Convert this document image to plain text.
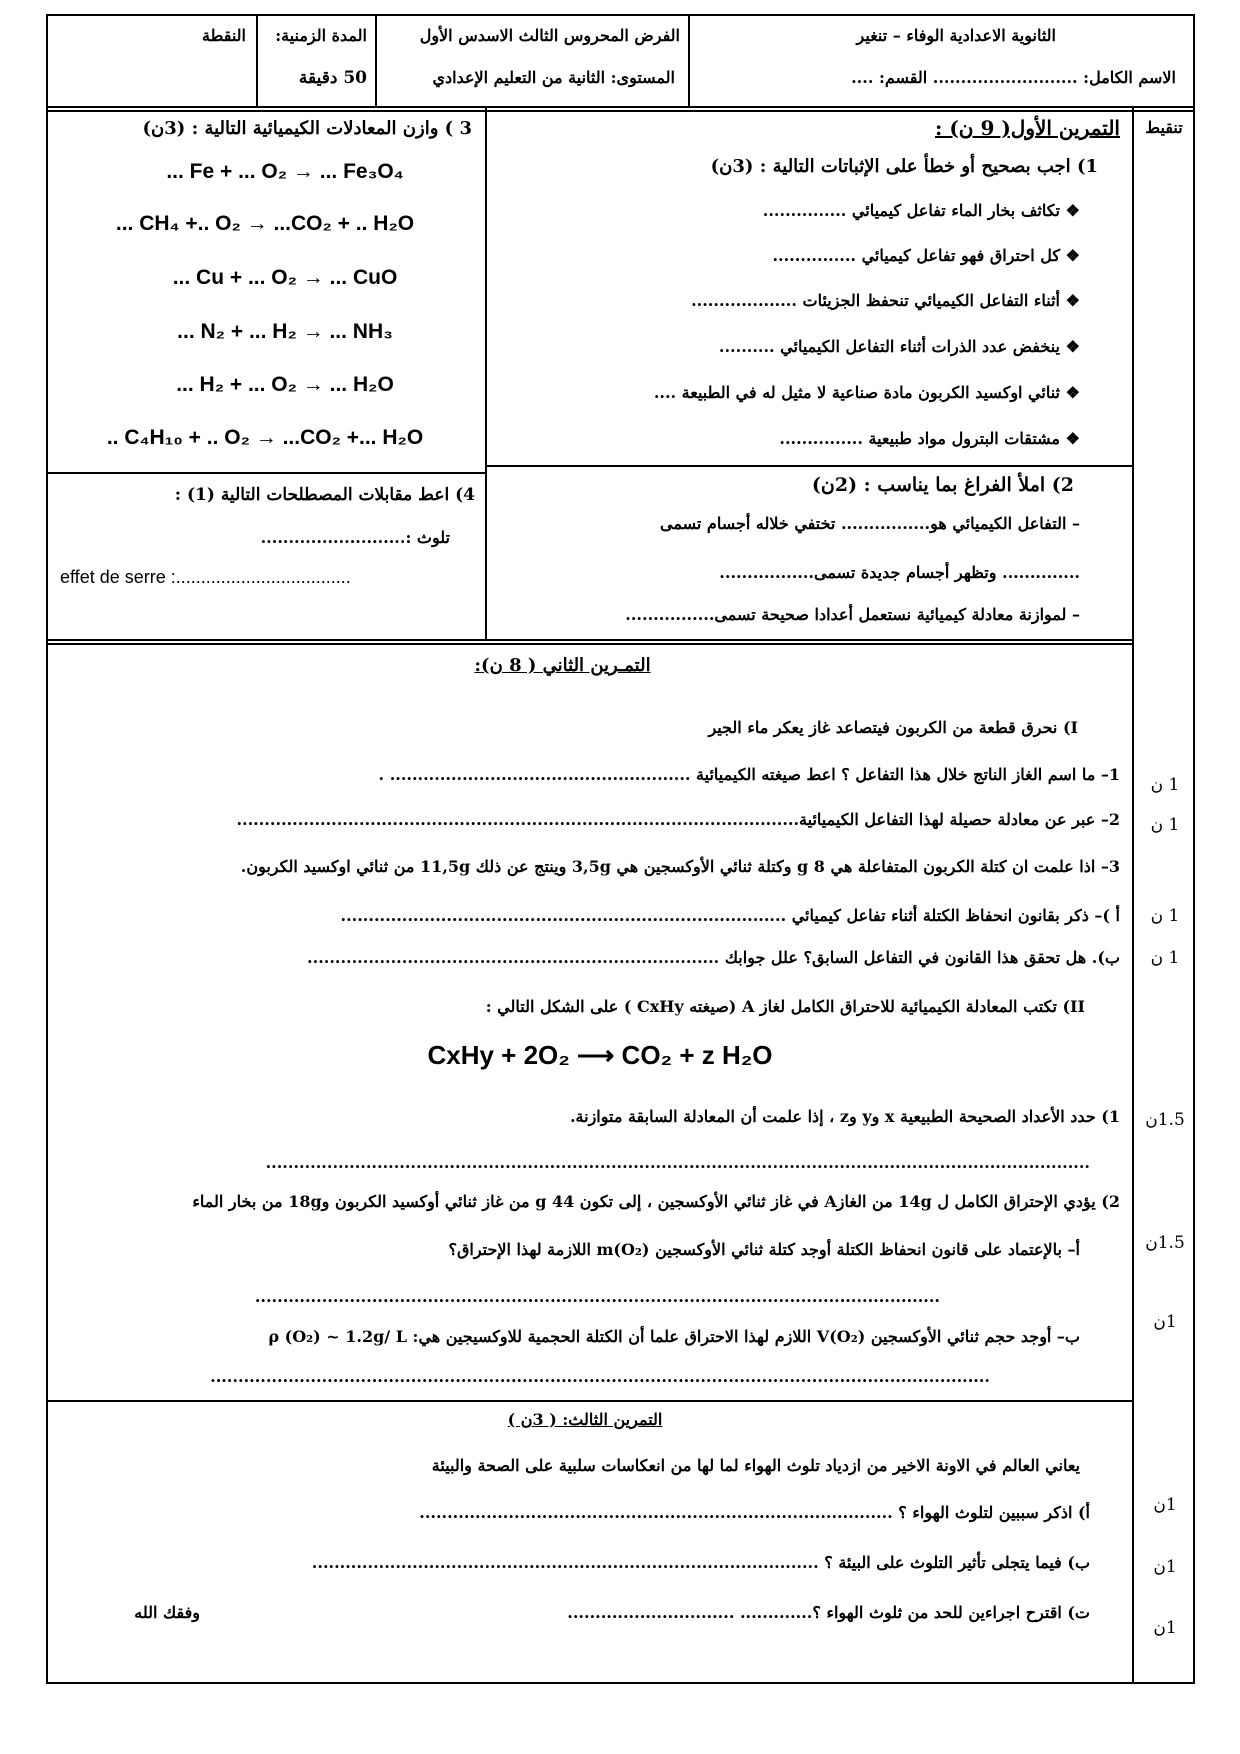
الثانوية الاعدادية الوفاء – تنغير
الاسم الكامل: .......................... القسم: ....
الفرض المحروس الثالث الاسدس الأول
المستوى: الثانية من التعليم الإعدادي
المدة الزمنية:
50 دقيقة
النقطة
تنقيط
التمرين الأول( 9 ن) :
1) اجب بصحيح أو خطأ على الإثباتات التالية : (3ن)
❖تكاثف بخار الماء تفاعل كيميائي ...............
❖كل احتراق فهو تفاعل كيميائي ...............
❖أثناء التفاعل الكيميائي تنحفظ الجزيئات ...................
❖ينخفض عدد الذرات أثناء التفاعل الكيميائي ..........
❖ثنائي اوكسيد الكربون مادة صناعية لا مثيل له في الطبيعة ....
❖مشتقات البترول مواد طبيعية ...............
2) املأ الفراغ بما يناسب : (2ن)
– التفاعل الكيميائي هو................ تختفي خلاله أجسام تسمى
.............. وتظهر أجسام جديدة تسمى.................
– لموازنة معادلة كيميائية نستعمل أعدادا صحيحة تسمى................
3 ) وازن المعادلات الكيميائية التالية : (3ن)
... Fe + ... O₂ → ... Fe₃O₄
... CH₄ +.. O₂ → ...CO₂ + .. H₂O
... Cu + ... O₂ → ... CuO
... N₂ + ... H₂ → ... NH₃
... H₂ + ... O₂ → ... H₂O
.. C₄H₁₀ + .. O₂ → ...CO₂ +... H₂O
4) اعط مقابلات المصطلحات التالية (1) :
تلوث :..........................
effet de serre :...................................
التمـرين الثاني ( 8 ن):
I) نحرق قطعة من الكربون فيتصاعد غاز يعكر ماء الجير
1– ما اسم الغاز الناتج خلال هذا التفاعل ؟ اعط صيغته الكيميائية ...................................................... .
2– عبر عن معادلة حصيلة لهذا التفاعل الكيميائية.....................................................................................................
3– اذا علمت ان كتلة الكربون المتفاعلة هي 8 g وكتلة ثنائي الأوكسجين هي 3,5g وينتج عن ذلك 11,5g من ثنائي اوكسيد الكربون.
أ )– ذكر بقانون انحفاظ الكتلة أثناء تفاعل كيميائي ................................................................................
ب). هل تحقق هذا القانون في التفاعل السابق؟ علل جوابك ..........................................................................
II) تكتب المعادلة الكيميائية للاحتراق الكامل لغاز A (صيغته CxHy ) على الشكل التالي :
CxHy + 2O₂ ⟶ CO₂ + z H₂O
1) حدد الأعداد الصحيحة الطبيعية x وy وz ، إذا علمت أن المعادلة السابقة متوازنة.
....................................................................................................................................................
2) يؤدي الإحتراق الكامل ل 14g من الغازA في غاز ثنائي الأوكسجين ، إلى تكون 44 g من غاز ثنائي أوكسيد الكربون و18g من بخار الماء
أ– بالإعتماد على قانون انحفاظ الكتلة أوجد كتلة ثنائي الأوكسجين m(O₂) اللازمة لهذا الإحتراق؟
...........................................................................................................................
ب– أوجد حجم ثنائي الأوكسجين V(O₂) اللازم لهذا الاحتراق علما أن الكتلة الحجمية للاوكسيجين هي: ρ (O₂) ~ 1.2g/ L
............................................................................................................................................
التمرين الثالث: ( 3ن )
يعاني العالم في الاونة الاخير من ازدياد تلوث الهواء لما لها من انعكاسات سلبية على الصحة والبيئة
أ) اذكر سببين لتلوث الهواء ؟ .....................................................................................
ب) فيما يتجلى تأثير التلوث على البيئة ؟ ...........................................................................................
ت) اقترح اجراءين للحد من ثلوث الهواء ؟............. ..............................
وفقك الله
1 ن
1 ن
1 ن
1 ن
1.5ن
1.5ن
1ن
1ن
1ن
1ن
